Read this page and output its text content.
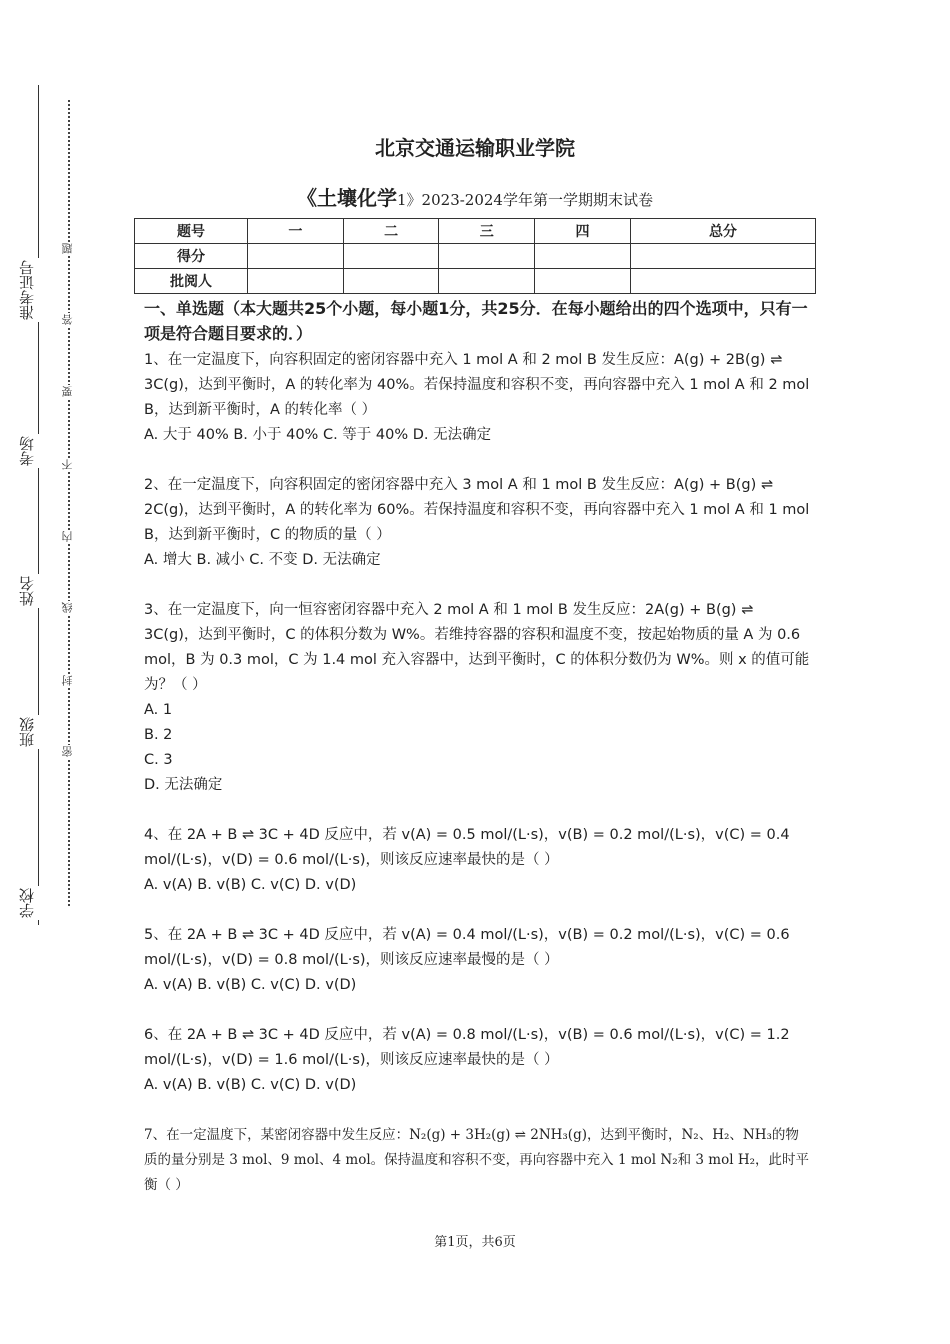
准考证号
考场
姓名
班级
学校
题
答
要
不
内
线
封
密
北京交通运输职业学院
《土壤化学1》2023-2024学年第一学期期末试卷
题号	一	二	三	四	总分
得分					
批阅人					
一、单选题（本大题共25个小题，每小题1分，共25分．在每小题给出的四个选项中，只有一项是符合题目要求的．）

1、在一定温度下，向容积固定的密闭容器中充入 1 mol A 和 2 mol B 发生反应：A(g) + 2B(g) ⇌ 3C(g)，达到平衡时，A 的转化率为 40%。若保持温度和容积不变，再向容器中充入 1 mol A 和 2 mol B，达到新平衡时，A 的转化率（ ）

A. 大于 40% B. 小于 40% C. 等于 40% D. 无法确定

2、在一定温度下，向容积固定的密闭容器中充入 3 mol A 和 1 mol B 发生反应：A(g) + B(g) ⇌ 2C(g)，达到平衡时，A 的转化率为 60%。若保持温度和容积不变，再向容器中充入 1 mol A 和 1 mol B，达到新平衡时，C 的物质的量（ ）

A. 增大 B. 减小 C. 不变 D. 无法确定

3、在一定温度下，向一恒容密闭容器中充入 2 mol A 和 1 mol B 发生反应：2A(g) + B(g) ⇌ 3C(g)，达到平衡时，C 的体积分数为 W%。若维持容器的容积和温度不变，按起始物质的量 A 为 0.6 mol，B 为 0.3 mol，C 为 1.4 mol 充入容器中，达到平衡时，C 的体积分数仍为 W%。则 x 的值可能为？（ ）

A. 1

B. 2

C. 3

D. 无法确定

4、在 2A + B ⇌ 3C + 4D 反应中，若 v(A) = 0.5 mol/(L·s)，v(B) = 0.2 mol/(L·s)，v(C) = 0.4 mol/(L·s)，v(D) = 0.6 mol/(L·s)，则该反应速率最快的是（ ）

A. v(A) B. v(B) C. v(C) D. v(D)

5、在 2A + B ⇌ 3C + 4D 反应中，若 v(A) = 0.4 mol/(L·s)，v(B) = 0.2 mol/(L·s)，v(C) = 0.6 mol/(L·s)，v(D) = 0.8 mol/(L·s)，则该反应速率最慢的是（ ）

A. v(A) B. v(B) C. v(C) D. v(D)

6、在 2A + B ⇌ 3C + 4D 反应中，若 v(A) = 0.8 mol/(L·s)，v(B) = 0.6 mol/(L·s)，v(C) = 1.2 mol/(L·s)，v(D) = 1.6 mol/(L·s)，则该反应速率最快的是（ ）

A. v(A) B. v(B) C. v(C) D. v(D)

7、在一定温度下，某密闭容器中发生反应：N₂(g) + 3H₂(g) ⇌ 2NH₃(g)，达到平衡时，N₂、H₂、NH₃的物质的量分别是 3 mol、9 mol、4 mol。保持温度和容积不变，再向容器中充入 1 mol N₂和 3 mol H₂，此时平衡（ ）

第1页，共6页
